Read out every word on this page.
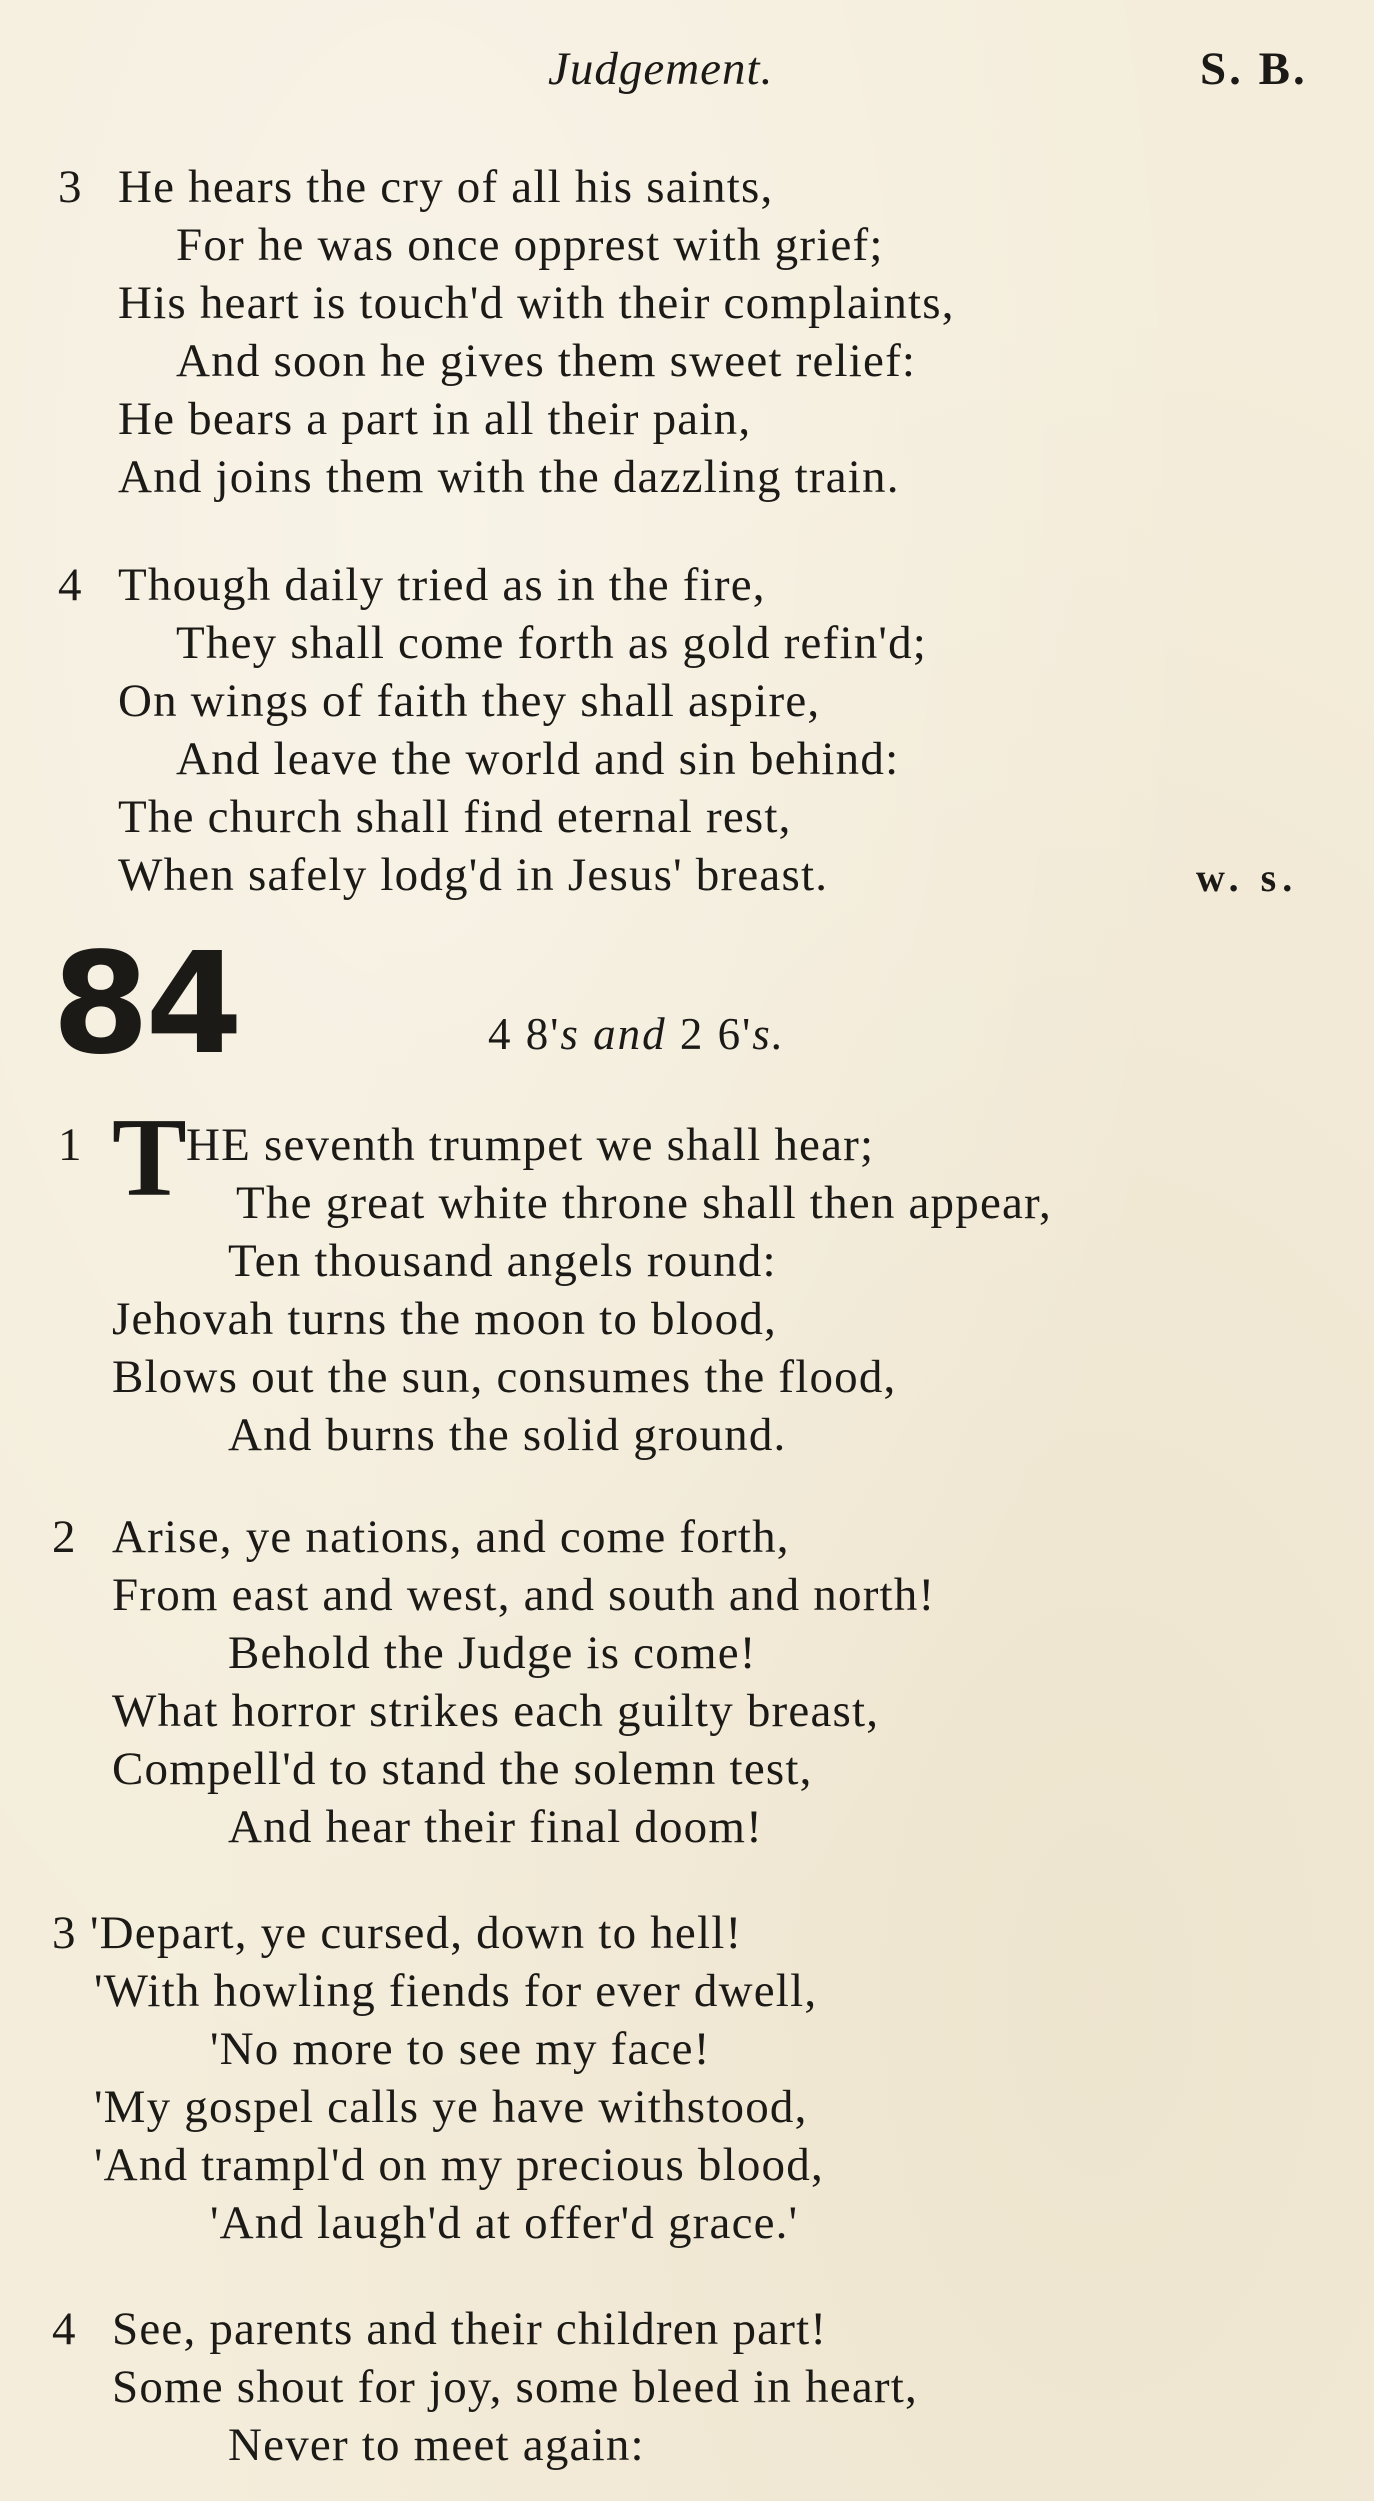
Judgement.	S. B.
3 He hears the cry of all his saints,
For he was once opprest with grief;
His heart is touch'd with their complaints,
And soon he gives them sweet relief:
He bears a part in all their pain,
And joins them with the dazzling train.
4 Though daily tried as in the fire,
They shall come forth as gold refin'd;
On wings of faith they shall aspire,
And leave the world and sin behind:
The church shall find eternal rest,
When safely lodg'd in Jesus' breast.	w. s.
84	4 8's and 2 6's.
1 T HE seventh trumpet we shall hear;
The great white throne shall then appear,
Ten thousand angels round:
Jehovah turns the moon to blood,
Blows out the sun, consumes the flood,
And burns the solid ground.
2 Arise, ye nations, and come forth,
From east and west, and south and north!
Behold the Judge is come!
What horror strikes each guilty breast,
Compell'd to stand the solemn test,
And hear their final doom!
3 'Depart, ye cursed, down to hell!
'With howling fiends for ever dwell,
'No more to see my face!
'My gospel calls ye have withstood,
'And trampl'd on my precious blood,
'And laugh'd at offer'd grace.'
4 See, parents and their children part!
Some shout for joy, some bleed in heart,
Never to meet again:
